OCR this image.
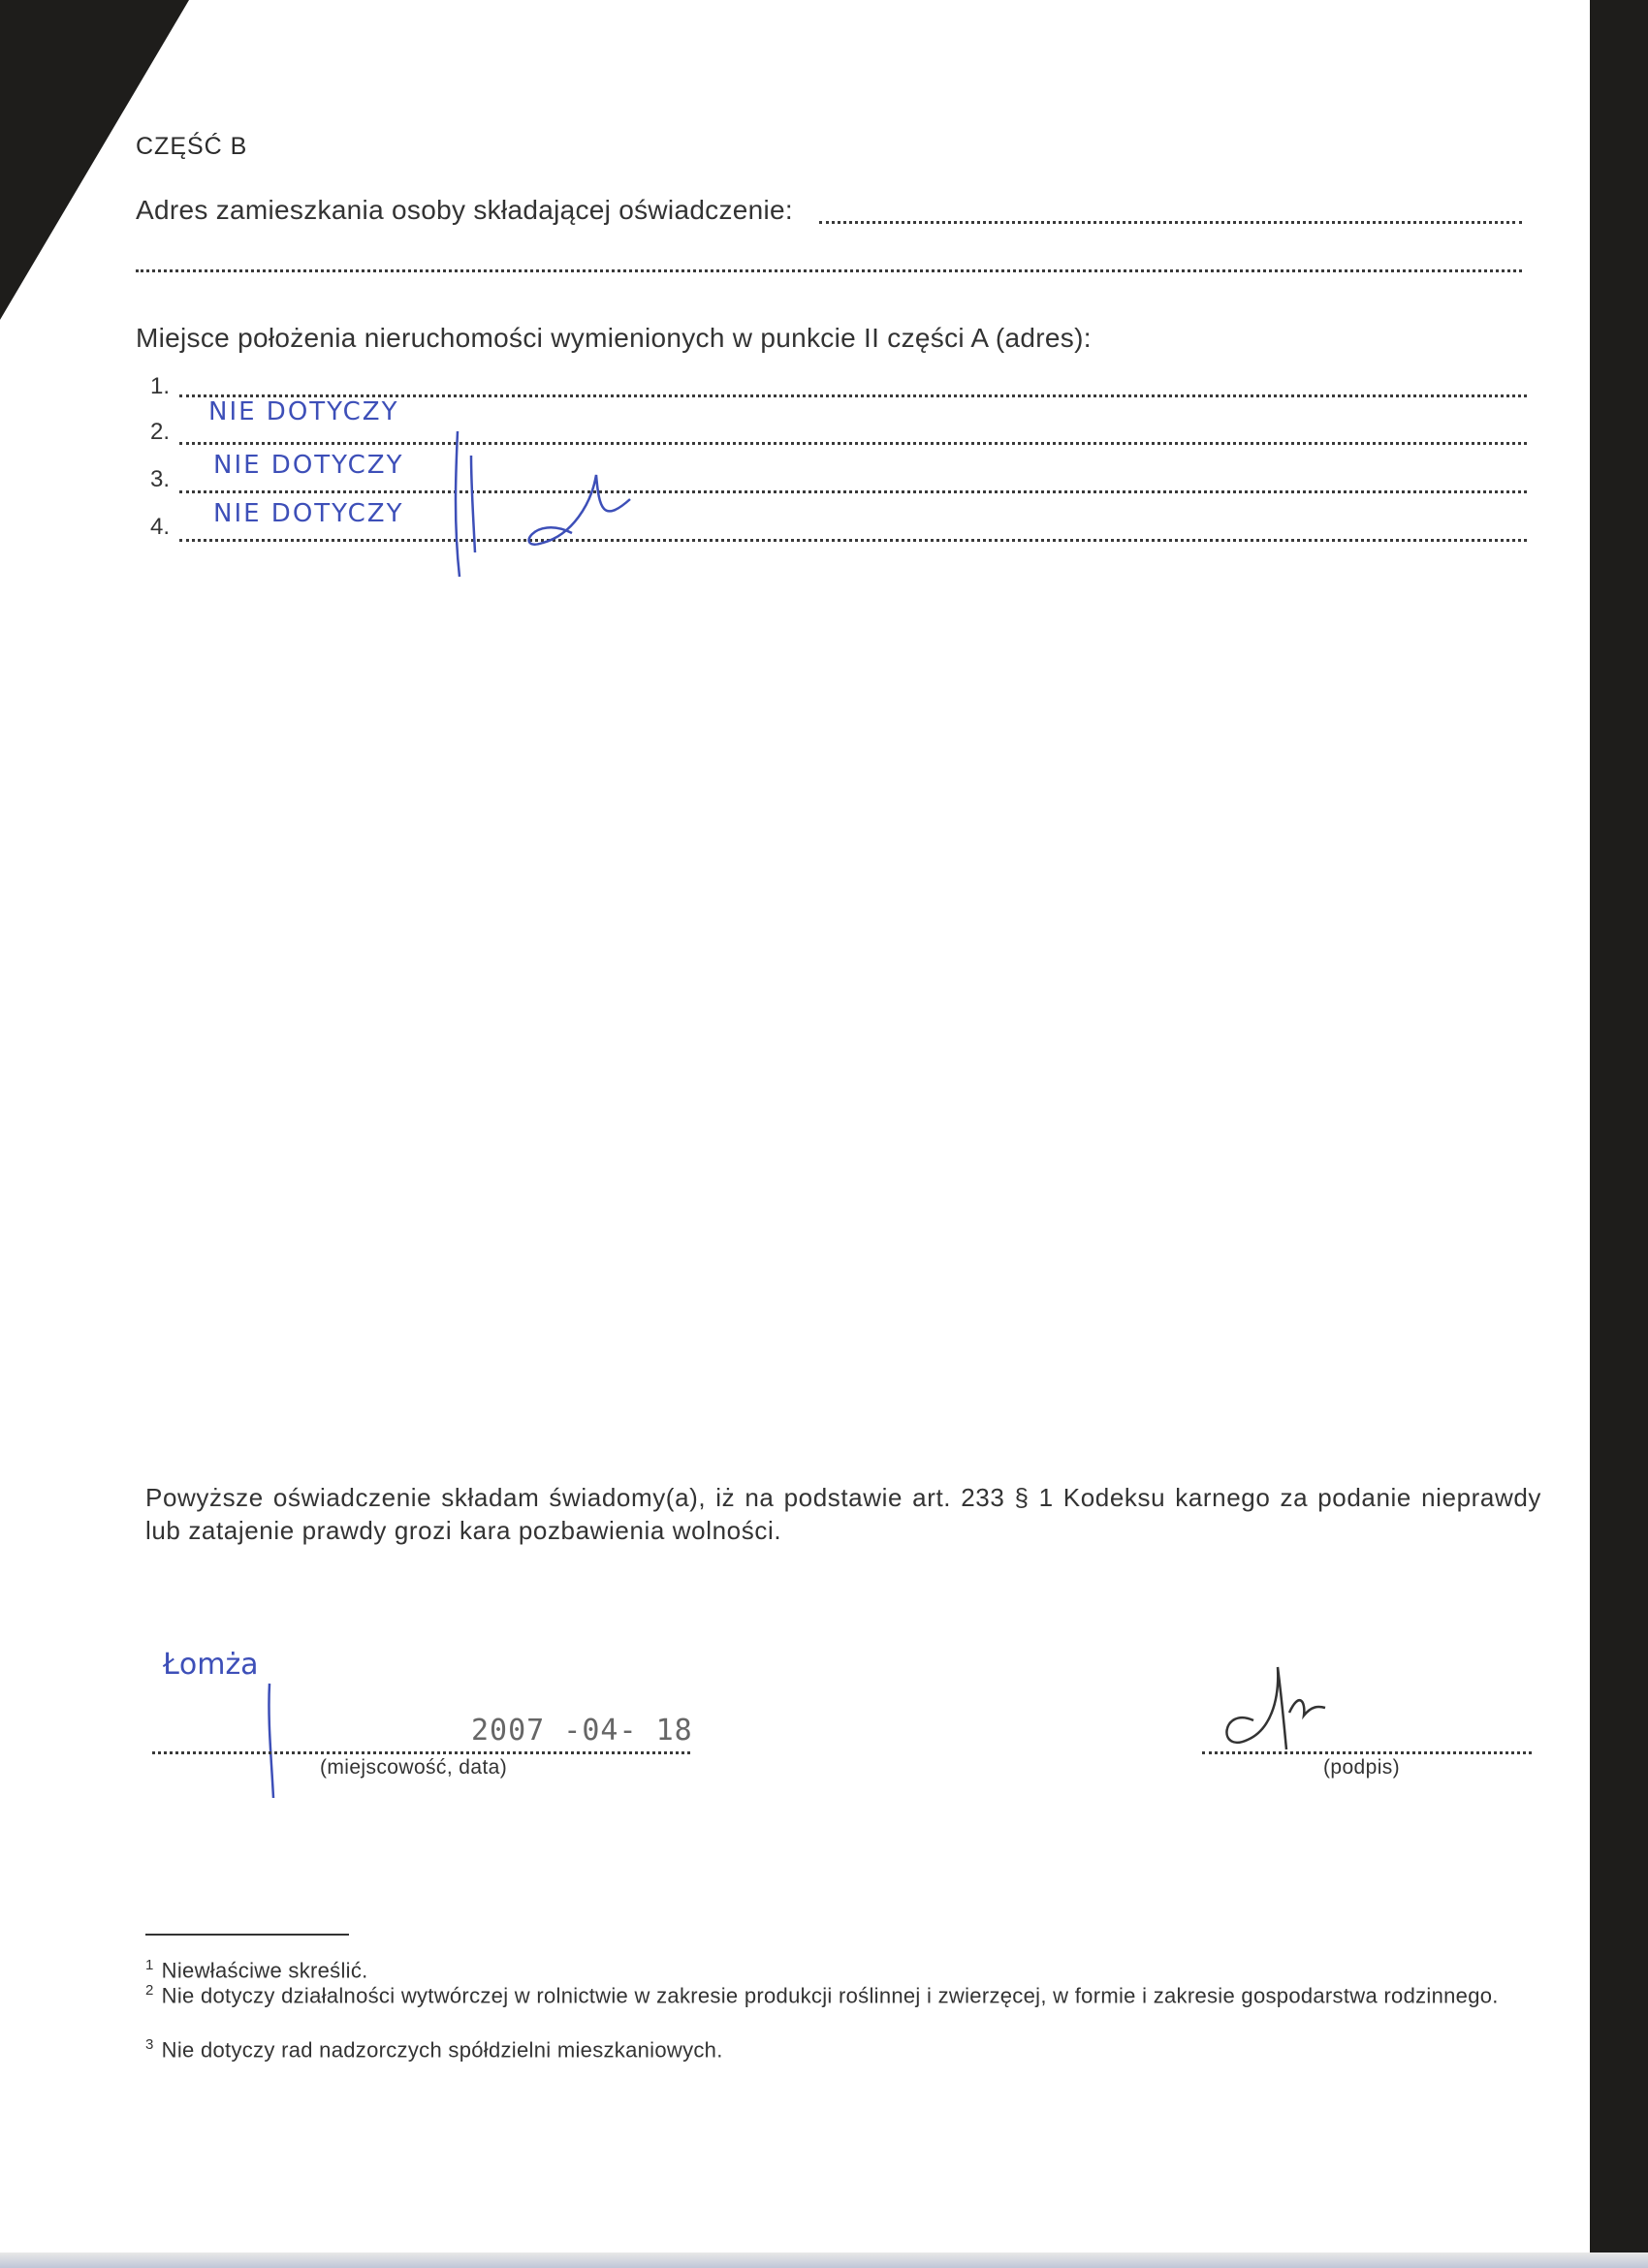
CZĘŚĆ B
Adres zamieszkania osoby składającej oświadczenie:
Miejsce położenia nieruchomości wymienionych w punkcie II części A (adres):
1.
2.
NIE DOTYCZY
3. NIE DOTYCZY
4. NIE DOTYCZY
Powyższe oświadczenie składam świadomy(a), iż na podstawie art. 233 § 1 Kodeksu karnego za podanie nieprawdy lub zatajenie prawdy grozi kara pozbawienia wolności.
Łomża
2007 -04- 18
(miejscowość, data)	(podpis)
$^1$ Niewłaściwe skreślić.
$^2$ Nie dotyczy działalności wytwórczej w rolnictwie w zakresie produkcji roślinnej i zwierzęcej, w formie i zakresie gospodarstwa rodzinnego.
$^3$ Nie dotyczy rad nadzorczych spółdzielni mieszkaniowych.
